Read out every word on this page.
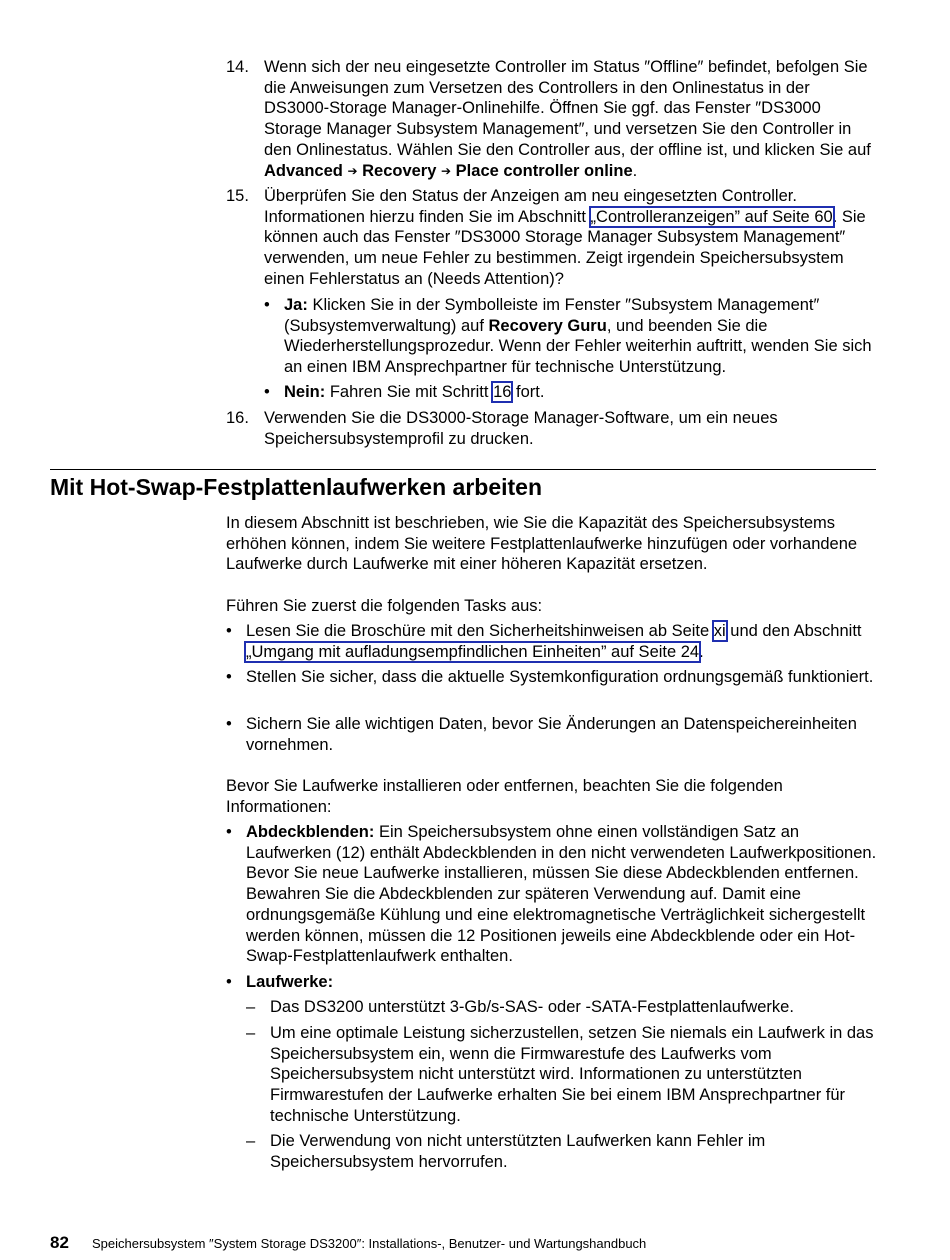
14. Wenn sich der neu eingesetzte Controller im Status ″Offline″ befindet, befolgen Sie die Anweisungen zum Versetzen des Controllers in den Onlinestatus in der DS3000-Storage Manager-Onlinehilfe. Öffnen Sie ggf. das Fenster ″DS3000 Storage Manager Subsystem Management″, und versetzen Sie den Controller in den Onlinestatus. Wählen Sie den Controller aus, der offline ist, und klicken Sie auf Advanced ➔ Recovery ➔ Place controller online.
15. Überprüfen Sie den Status der Anzeigen am neu eingesetzten Controller. Informationen hierzu finden Sie im Abschnitt „Controlleranzeigen” auf Seite 60. Sie können auch das Fenster ″DS3000 Storage Manager Subsystem Management″ verwenden, um neue Fehler zu bestimmen. Zeigt irgendein Speichersubsystem einen Fehlerstatus an (Needs Attention)?
• Ja: Klicken Sie in der Symbolleiste im Fenster ″Subsystem Management″ (Subsystemverwaltung) auf Recovery Guru, und beenden Sie die Wiederherstellungsprozedur. Wenn der Fehler weiterhin auftritt, wenden Sie sich an einen IBM Ansprechpartner für technische Unterstützung.
• Nein: Fahren Sie mit Schritt 16 fort.
16. Verwenden Sie die DS3000-Storage Manager-Software, um ein neues Speichersubsystemprofil zu drucken.
Mit Hot-Swap-Festplattenlaufwerken arbeiten
In diesem Abschnitt ist beschrieben, wie Sie die Kapazität des Speichersubsystems erhöhen können, indem Sie weitere Festplattenlaufwerke hinzufügen oder vorhandene Laufwerke durch Laufwerke mit einer höheren Kapazität ersetzen.
Führen Sie zuerst die folgenden Tasks aus:
• Lesen Sie die Broschüre mit den Sicherheitshinweisen ab Seite xi und den Abschnitt „Umgang mit aufladungsempfindlichen Einheiten” auf Seite 24.
• Stellen Sie sicher, dass die aktuelle Systemkonfiguration ordnungsgemäß funktioniert.
• Sichern Sie alle wichtigen Daten, bevor Sie Änderungen an Datenspeichereinheiten vornehmen.
Bevor Sie Laufwerke installieren oder entfernen, beachten Sie die folgenden Informationen:
• Abdeckblenden: Ein Speichersubsystem ohne einen vollständigen Satz an Laufwerken (12) enthält Abdeckblenden in den nicht verwendeten Laufwerkpositionen. Bevor Sie neue Laufwerke installieren, müssen Sie diese Abdeckblenden entfernen. Bewahren Sie die Abdeckblenden zur späteren Verwendung auf. Damit eine ordnungsgemäße Kühlung und eine elektromagnetische Verträglichkeit sichergestellt werden können, müssen die 12 Positionen jeweils eine Abdeckblende oder ein Hot-Swap-Festplattenlaufwerk enthalten.
• Laufwerke:
– Das DS3200 unterstützt 3-Gb/s-SAS- oder -SATA-Festplattenlaufwerke.
– Um eine optimale Leistung sicherzustellen, setzen Sie niemals ein Laufwerk in das Speichersubsystem ein, wenn die Firmwarestufe des Laufwerks vom Speichersubsystem nicht unterstützt wird. Informationen zu unterstützten Firmwarestufen der Laufwerke erhalten Sie bei einem IBM Ansprechpartner für technische Unterstützung.
– Die Verwendung von nicht unterstützten Laufwerken kann Fehler im Speichersubsystem hervorrufen.
82 Speichersubsystem ″System Storage DS3200″: Installations-, Benutzer- und Wartungshandbuch
